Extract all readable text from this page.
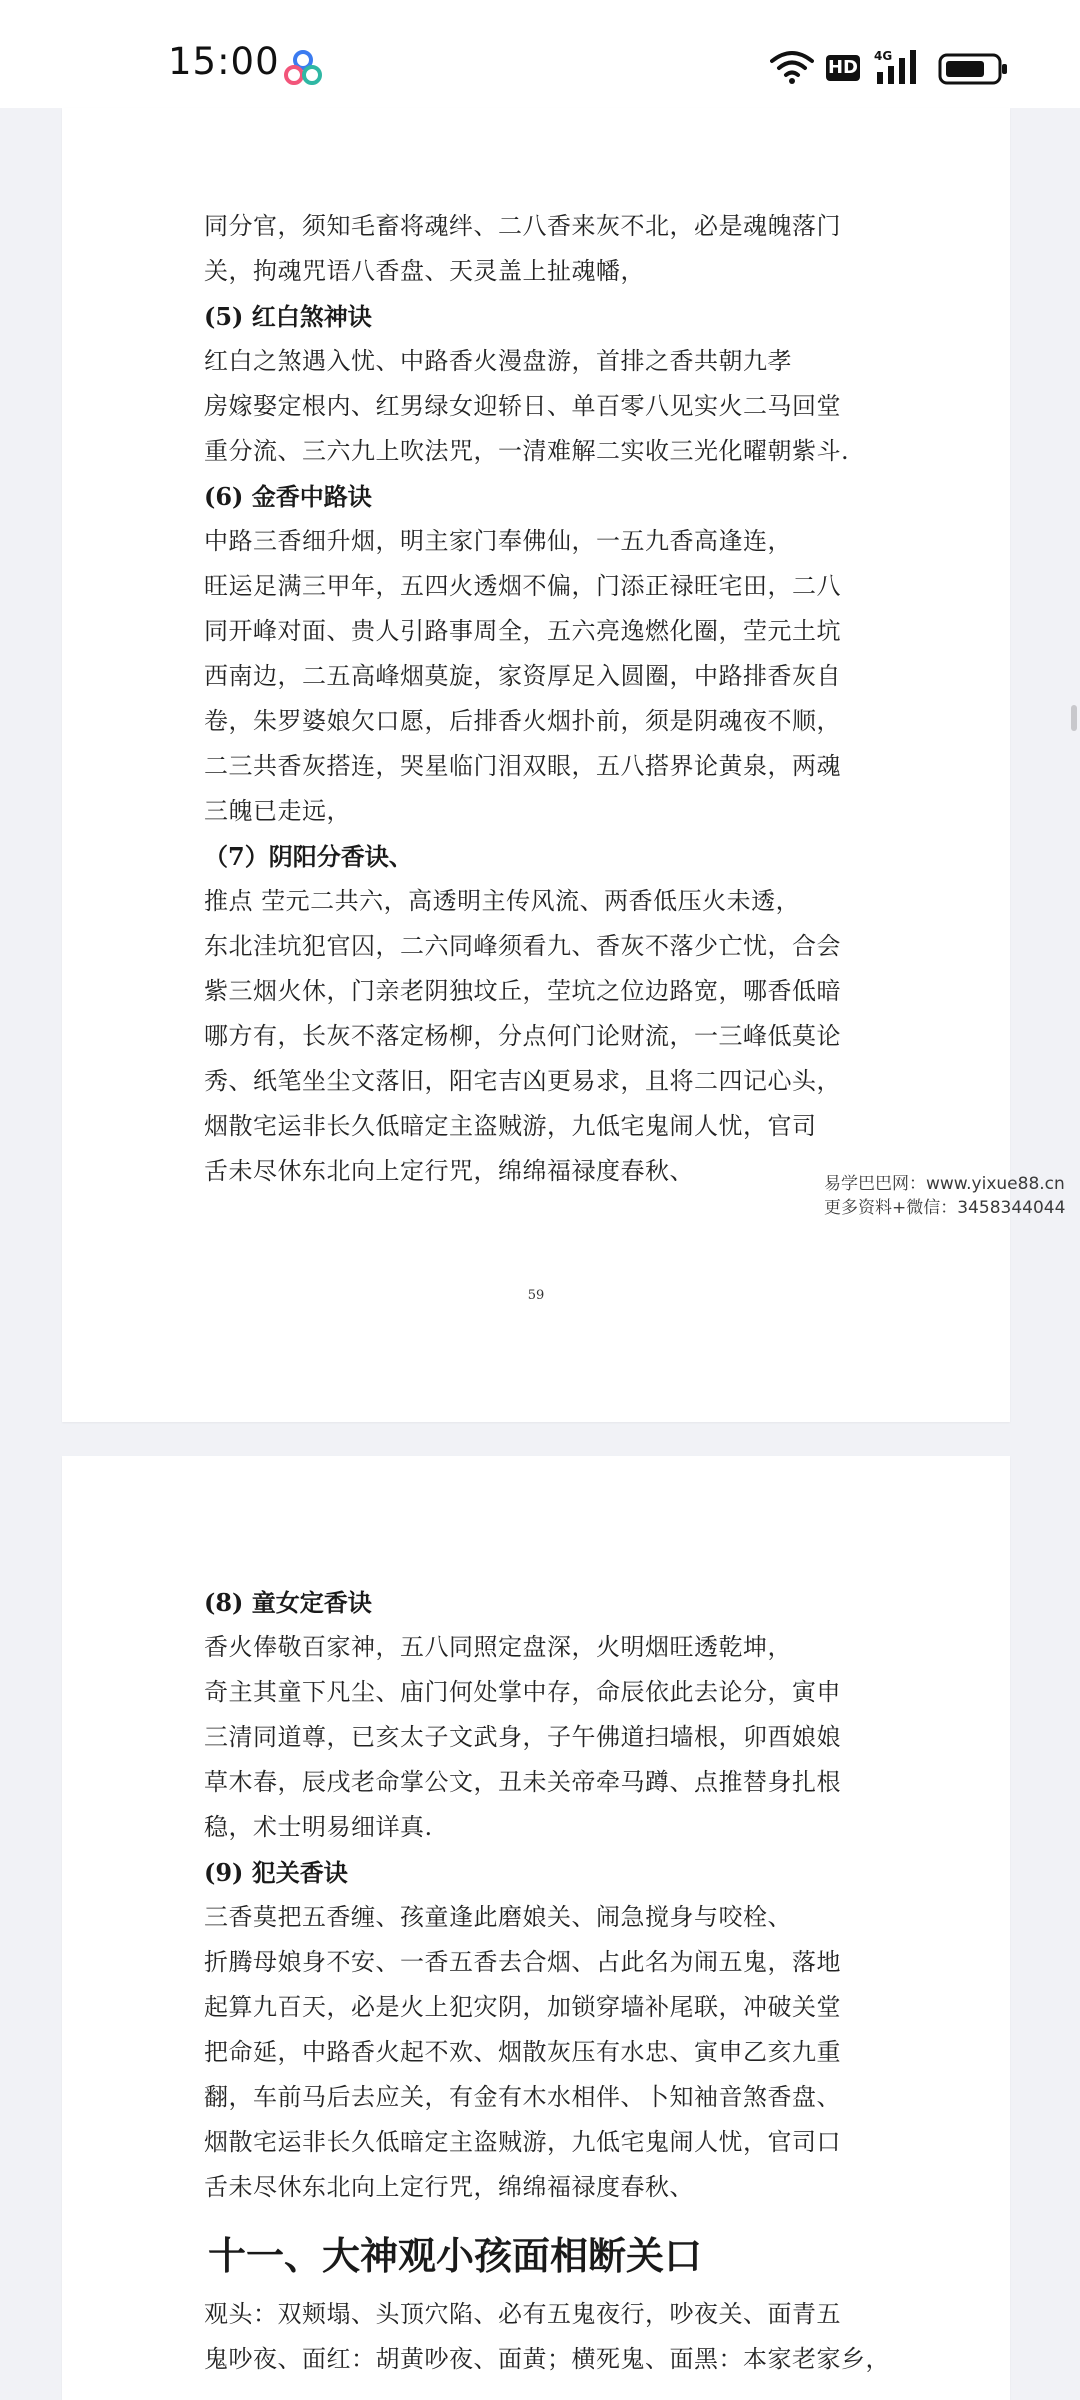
15:00	HD
4G
同分官，须知毛畜将魂绊、二八香来灰不北，必是魂魄落门
关，拘魂咒语八香盘、天灵盖上扯魂幡，
(5) 红白煞神诀
红白之煞遇入忧、中路香火漫盘游，首排之香共朝九孝
房嫁娶定根内、红男绿女迎轿日、单百零八见实火二马回堂
重分流、三六九上吹法咒，一清难解二实收三光化曜朝紫斗.
(6) 金香中路诀
中路三香细升烟，明主家门奉佛仙，一五九香高逢连，
旺运足满三甲年，五四火透烟不偏，门添正禄旺宅田，二八
同开峰对面、贵人引路事周全，五六亮逸燃化圈，茔元土坑
西南边，二五高峰烟莫旋，家资厚足入圆圈，中路排香灰自
卷，朱罗婆娘欠口愿，后排香火烟扑前，须是阴魂夜不顺，
二三共香灰搭连，哭星临门泪双眼，五八搭界论黄泉，两魂
三魄已走远，
（7）阴阳分香诀、
推点 茔元二共六，高透明主传风流、两香低压火未透，
东北洼坑犯官囚，二六同峰须看九、香灰不落少亡忧，合会
紫三烟火休，门亲老阴独坟丘，茔坑之位边路宽，哪香低暗
哪方有，长灰不落定杨柳，分点何门论财流，一三峰低莫论
秀、纸笔坐尘文落旧，阳宅吉凶更易求，且将二四记心头，
烟散宅运非长久低暗定主盗贼游，九低宅鬼闹人忧，官司
舌未尽休东北向上定行咒，绵绵福禄度春秋、
59
(8) 童女定香诀
香火俸敬百家神，五八同照定盘深，火明烟旺透乾坤，
奇主其童下凡尘、庙门何处掌中存，命辰依此去论分，寅申
三清同道尊，已亥太子文武身，子午佛道扫墙根，卯酉娘娘
草木春，辰戌老命掌公文，丑未关帝牵马蹲、点推替身扎根
稳，术士明易细详真.
(9) 犯关香诀
三香莫把五香缠、孩童逢此磨娘关、闹急搅身与咬栓、
折腾母娘身不安、一香五香去合烟、占此名为闹五鬼，落地
起算九百天，必是火上犯灾阴，加锁穿墙补尾联，冲破关堂
把命延，中路香火起不欢、烟散灰压有水忠、寅申乙亥九重
翻，车前马后去应关，有金有木水相伴、卜知袖音煞香盘、
烟散宅运非长久低暗定主盗贼游，九低宅鬼闹人忧，官司口
舌未尽休东北向上定行咒，绵绵福禄度春秋、
十一、大神观小孩面相断关口
观头：双颊塌、头顶穴陷、必有五鬼夜行，吵夜关、面青五
鬼吵夜、面红：胡黄吵夜、面黄；横死鬼、面黑：本家老家乡，
易学巴巴网：www.yixue88.cn
更多资料+微信：3458344044
